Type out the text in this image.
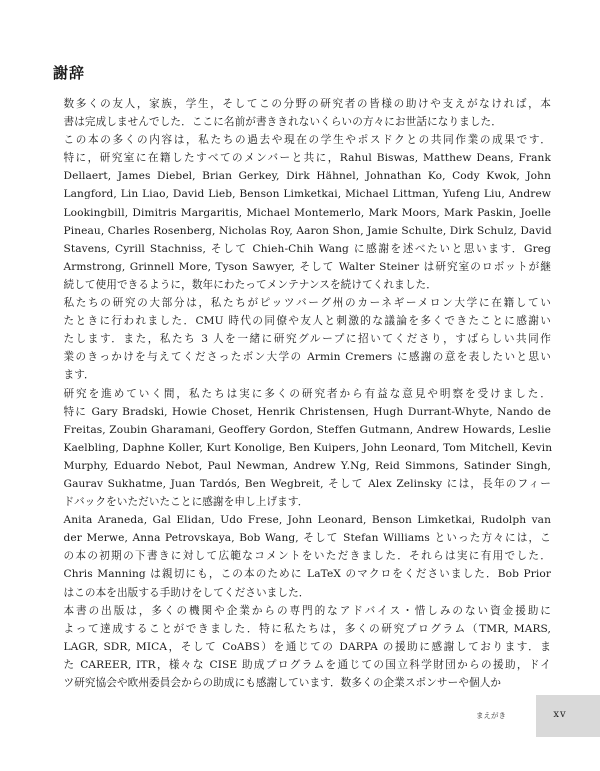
謝辞

数多くの友人，家族，学生，そしてこの分野の研究者の皆様の助けや支えがなければ，本
書は完成しませんでした．ここに名前が書ききれないくらいの方々にお世話になりました．

この本の多くの内容は，私たちの過去や現在の学生やポスドクとの共同作業の成果です．
特に，研究室に在籍したすべてのメンバーと共に，Rahul Biswas, Matthew Deans, Frank
Dellaert, James Diebel, Brian Gerkey, Dirk Hähnel, Johnathan Ko, Cody Kwok, John
Langford, Lin Liao, David Lieb, Benson Limketkai, Michael Littman, Yufeng Liu, Andrew
Lookingbill, Dimitris Margaritis, Michael Montemerlo, Mark Moors, Mark Paskin, Joelle
Pineau, Charles Rosenberg, Nicholas Roy, Aaron Shon, Jamie Schulte, Dirk Schulz, David
Stavens, Cyrill Stachniss, そして Chieh-Chih Wang に感謝を述べたいと思います．Greg
Armstrong, Grinnell More, Tyson Sawyer, そして Walter Steiner は研究室のロボットが継
続して使用できるように，数年にわたってメンテナンスを続けてくれました．

私たちの研究の大部分は，私たちがピッツバーグ州のカーネギーメロン大学に在籍してい
たときに行われました．CMU 時代の同僚や友人と刺激的な議論を多くできたことに感謝い
たします．また，私たち 3 人を一緒に研究グループに招いてくださり，すばらしい共同作
業のきっかけを与えてくださったボン大学の Armin Cremers に感謝の意を表したいと思い
ます．

研究を進めていく間，私たちは実に多くの研究者から有益な意見や明察を受けました．
特に Gary Bradski, Howie Choset, Henrik Christensen, Hugh Durrant-Whyte, Nando de
Freitas, Zoubin Gharamani, Geoffery Gordon, Steffen Gutmann, Andrew Howards, Leslie
Kaelbling, Daphne Koller, Kurt Konolige, Ben Kuipers, John Leonard, Tom Mitchell, Kevin
Murphy, Eduardo Nebot, Paul Newman, Andrew Y.Ng, Reid Simmons, Satinder Singh,
Gaurav Sukhatme, Juan Tardós, Ben Wegbreit, そして Alex Zelinsky には，長年のフィー
ドバックをいただいたことに感謝を申し上げます．

Anita Araneda, Gal Elidan, Udo Frese, John Leonard, Benson Limketkai, Rudolph van
der Merwe, Anna Petrovskaya, Bob Wang, そして Stefan Williams といった方々には，こ
の本の初期の下書きに対して広範なコメントをいただきました．それらは実に有用でした．
Chris Manning は親切にも，この本のために LaTeX のマクロをくださいました．Bob Prior
はこの本を出版する手助けをしてくださいました．

本書の出版は，多くの機関や企業からの専門的なアドバイス・惜しみのない資金援助に
よって達成することができました．特に私たちは，多くの研究プログラム（TMR, MARS,
LAGR, SDR, MICA，そして CoABS）を通じての DARPA の援助に感謝しております．ま
た CAREER, ITR，様々な CISE 助成プログラムを通じての国立科学財団からの援助，ドイ
ツ研究協会や欧州委員会からの助成にも感謝しています．数多くの企業スポンサーや個人か

まえがき	xv
